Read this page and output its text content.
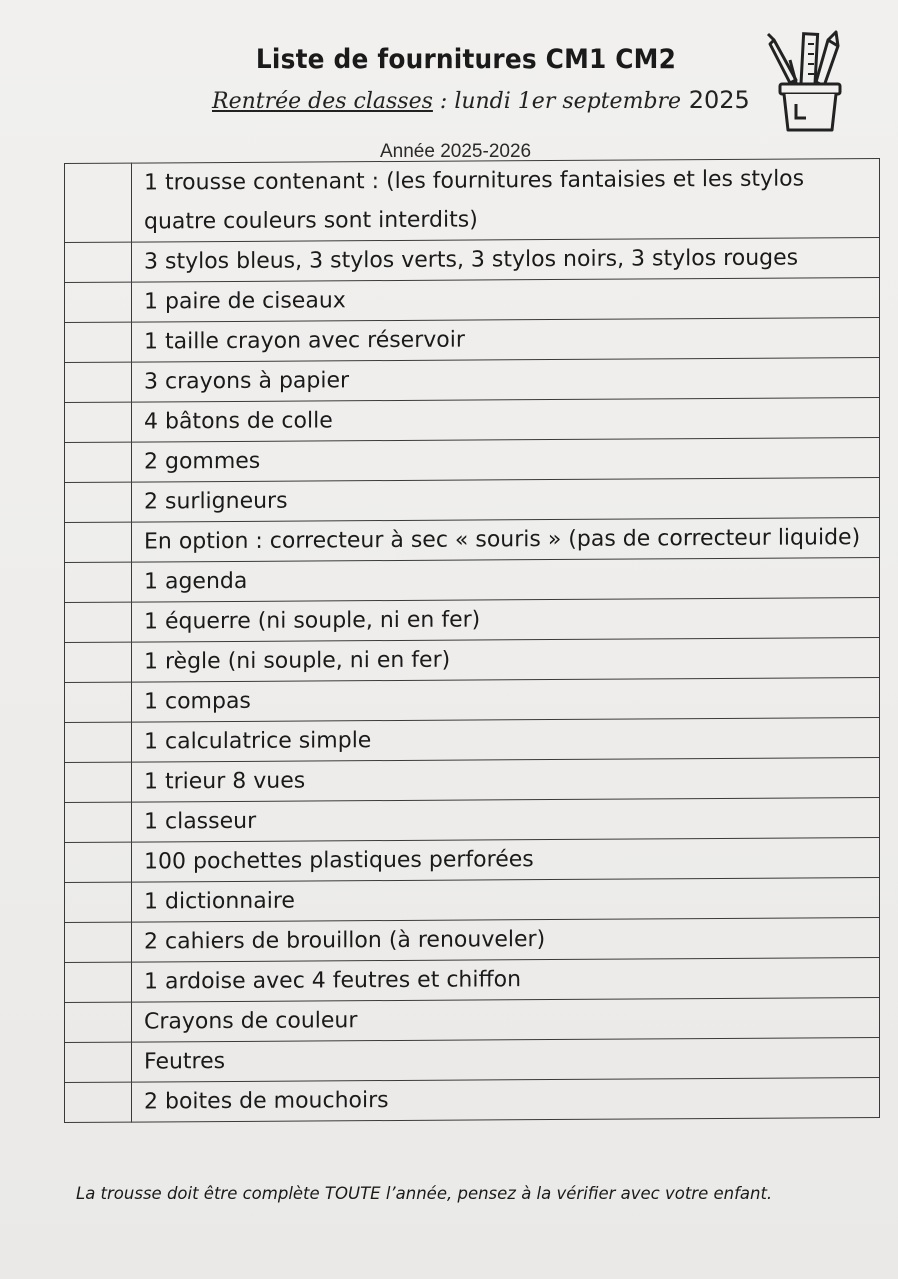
Liste de fournitures CM1 CM2
Rentrée des classes : lundi 1er septembre 2025
Année 2025-2026
	1 trousse contenant : (les fournitures fantaisies et les stylos quatre couleurs sont interdits)
	3 stylos bleus, 3 stylos verts, 3 stylos noirs, 3 stylos rouges
	1 paire de ciseaux
	1 taille crayon avec réservoir
	3 crayons à papier
	4 bâtons de colle
	2 gommes
	2 surligneurs
	En option : correcteur à sec « souris » (pas de correcteur liquide)
	1 agenda
	1 équerre (ni souple, ni en fer)
	1 règle (ni souple, ni en fer)
	1 compas
	1 calculatrice simple
	1 trieur 8 vues
	1 classeur
	100 pochettes plastiques perforées
	1 dictionnaire
	2 cahiers de brouillon (à renouveler)
	1 ardoise avec 4 feutres et chiffon
	Crayons de couleur
	Feutres
	2 boites de mouchoirs
La trousse doit être complète TOUTE l’année, pensez à la vérifier avec votre enfant.
